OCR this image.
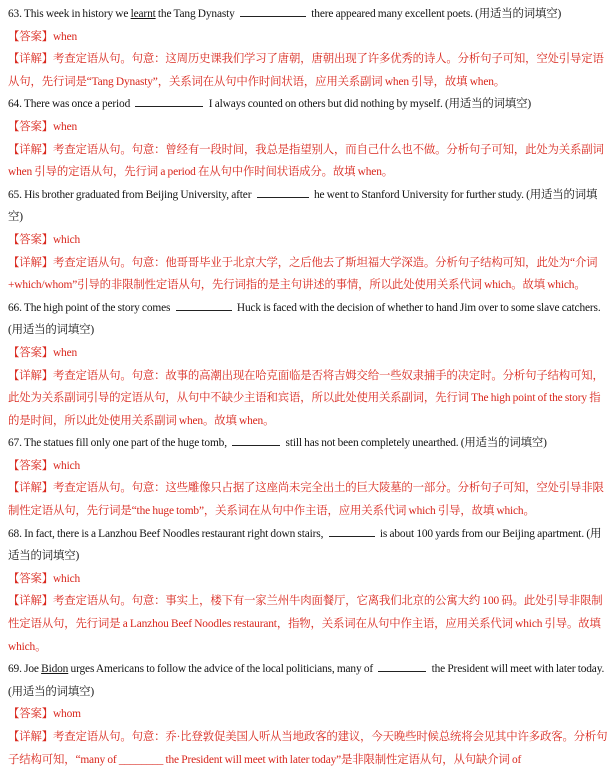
63. This week in history we learnt the Tang Dynasty	there appeared many excellent poets. (用适当的词填空)
【答案】when
【详解】考查定语从句。句意：这周历史课我们学习了唐朝，唐朝出现了许多优秀的诗人。分析句子可知，空处引导定语从句，先行词是“Tang Dynasty”，关系词在从句中作时间状语，应用关系副词 when 引导，故填 when。
64. There was once a period	I always counted on others but did nothing by myself. (用适当的词填空)
【答案】when
【详解】考查定语从句。句意：曾经有一段时间，我总是指望别人，而自己什么也不做。分析句子可知，此处为关系副词 when 引导的定语从句，先行词 a period 在从句中作时间状语成分。故填 when。
65. His brother graduated from Beijing University, after	he went to Stanford University for further study. (用适当的词填空)
【答案】which
【详解】考查定语从句。句意：他哥哥毕业于北京大学，之后他去了斯坦福大学深造。分析句子结构可知，此处为“介词+which/whom”引导的非限制性定语从句，先行词指的是主句讲述的事情，所以此处使用关系代词 which。故填 which。
66. The high point of the story comes	Huck is faced with the decision of whether to hand Jim over to some slave catchers. (用适当的词填空)
【答案】when
【详解】考查定语从句。句意：故事的高潮出现在哈克面临是否将吉姆交给一些奴隶捕手的决定时。分析句子结构可知，此处为关系副词引导的定语从句，从句中不缺少主语和宾语，所以此处使用关系副词，先行词 The high point of the story 指的是时间，所以此处使用关系副词 when。故填 when。
67. The statues fill only one part of the huge tomb,	still has not been completely unearthed. (用适当的词填空)
【答案】which
【详解】考查定语从句。句意：这些雕像只占据了这座尚未完全出土的巨大陵墓的一部分。分析句子可知，空处引导非限制性定语从句，先行词是“the huge tomb”，关系词在从句中作主语，应用关系代词 which 引导，故填 which。
68. In fact, there is a Lanzhou Beef Noodles restaurant right down stairs,	is about 100 yards from our Beijing apartment. (用适当的词填空)
【答案】which
【详解】考查定语从句。句意：事实上，楼下有一家兰州牛肉面餐厅，它离我们北京的公寓大约 100 码。此处引导非限制性定语从句，先行词是 a Lanzhou Beef Noodles restaurant，指物，关系词在从句中作主语，应用关系代词 which 引导。故填 which。
69. Joe Bidon urges Americans to follow the advice of the local politicians, many of	the President will meet with later today. (用适当的词填空)
【答案】whom
【详解】考查定语从句。句意：乔·比登敦促美国人听从当地政客的建议，今天晚些时候总统将会见其中许多政客。分析句子结构可知，“many of ________ the President will meet with later today”是非限制性定语从句，从句缺介词 of
